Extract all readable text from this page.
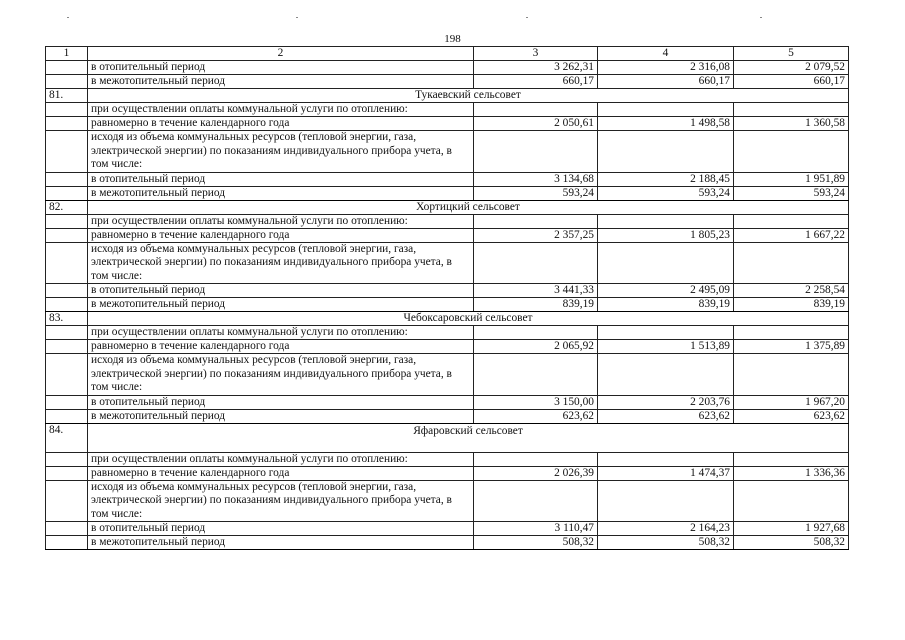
198
1	2	3	4	5
	в отопительный период	3 262,31	2 316,08	2 079,52
	в межотопительный период	660,17	660,17	660,17
81.	Тукаевский сельсовет			
	при осуществлении оплаты коммунальной услуги по отоплению:			
	равномерно в течение календарного года	2 050,61	1 498,58	1 360,58
	исходя из объема коммунальных ресурсов (тепловой энергии, газа, электрической энергии) по показаниям индивидуального прибора учета, в том числе:			
	в отопительный период	3 134,68	2 188,45	1 951,89
	в межотопительный период	593,24	593,24	593,24
82.	Хортицкий сельсовет			
	при осуществлении оплаты коммунальной услуги по отоплению:			
	равномерно в течение календарного года	2 357,25	1 805,23	1 667,22
	исходя из объема коммунальных ресурсов (тепловой энергии, газа, электрической энергии) по показаниям индивидуального прибора учета, в том числе:			
	в отопительный период	3 441,33	2 495,09	2 258,54
	в межотопительный период	839,19	839,19	839,19
83.	Чебоксаровский сельсовет			
	при осуществлении оплаты коммунальной услуги по отоплению:			
	равномерно в течение календарного года	2 065,92	1 513,89	1 375,89
	исходя из объема коммунальных ресурсов (тепловой энергии, газа, электрической энергии) по показаниям индивидуального прибора учета, в том числе:			
	в отопительный период	3 150,00	2 203,76	1 967,20
	в межотопительный период	623,62	623,62	623,62
84.	Яфаровский сельсовет			
	при осуществлении оплаты коммунальной услуги по отоплению:			
	равномерно в течение календарного года	2 026,39	1 474,37	1 336,36
	исходя из объема коммунальных ресурсов (тепловой энергии, газа, электрической энергии) по показаниям индивидуального прибора учета, в том числе:			
	в отопительный период	3 110,47	2 164,23	1 927,68
	в межотопительный период	508,32	508,32	508,32
